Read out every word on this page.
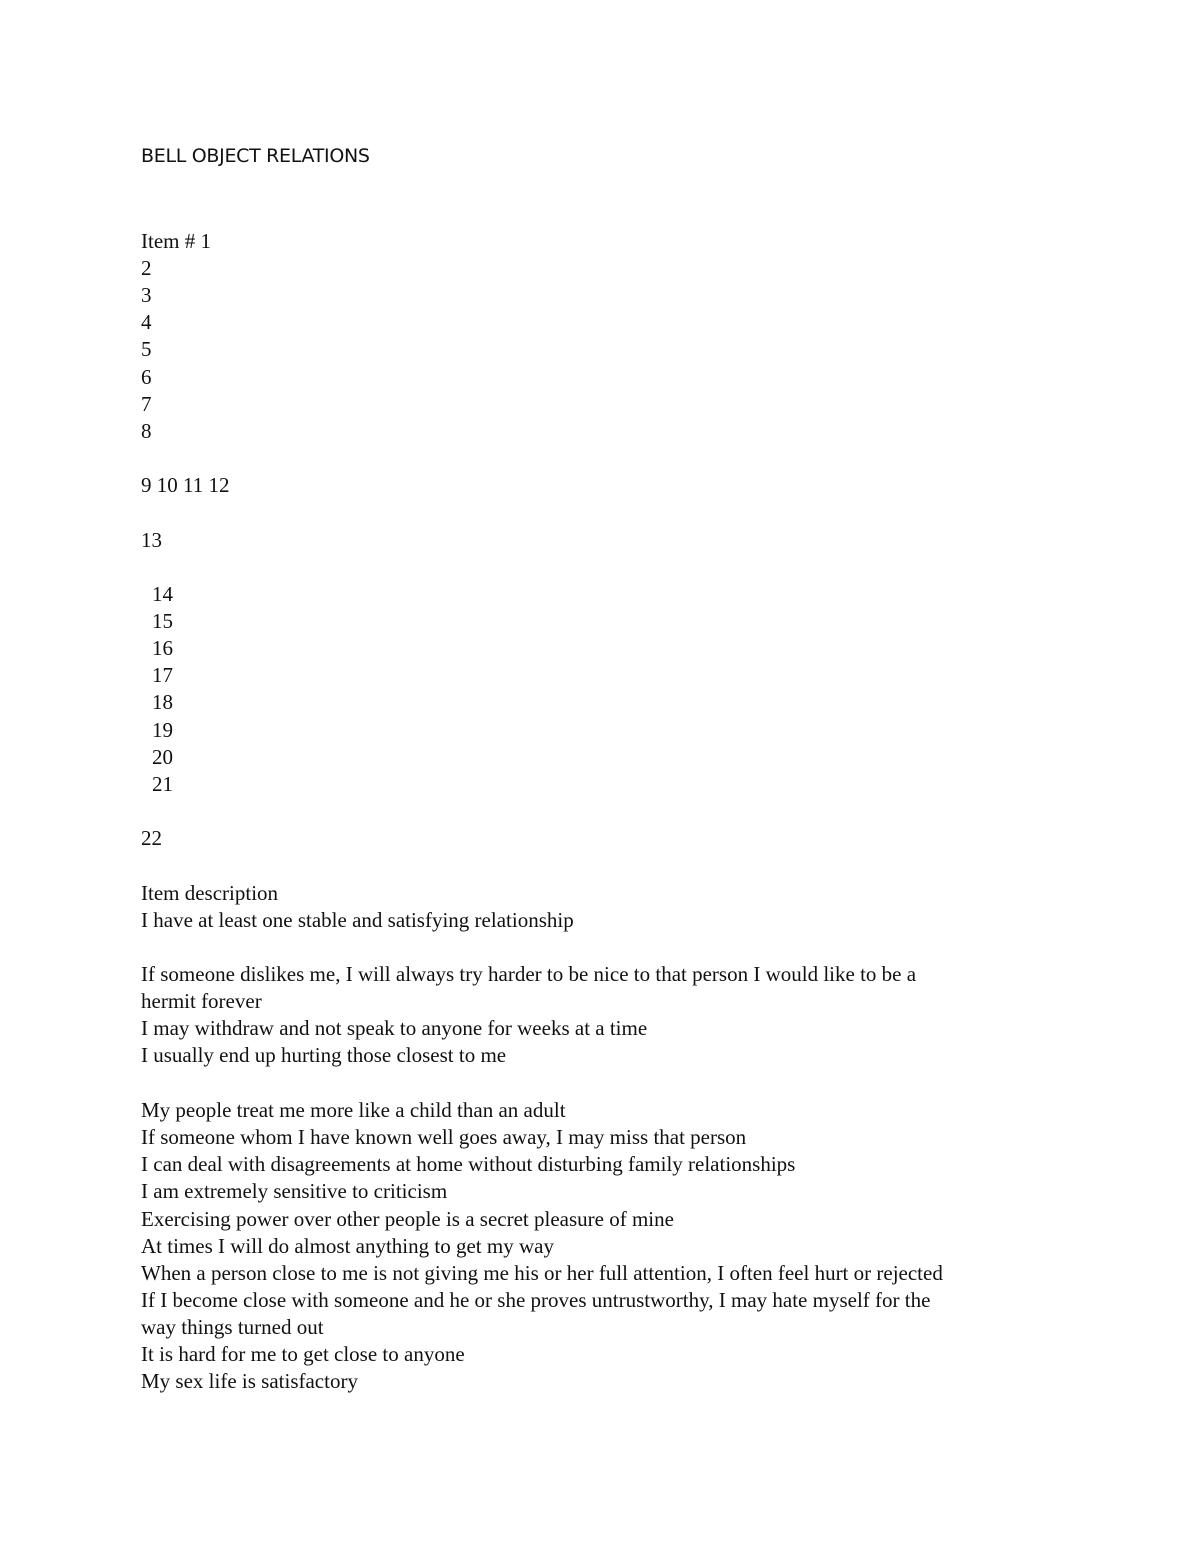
BELL OBJECT RELATIONS
Item # 1
2
3
4
5
6
7
8
9 10 11 12
13
14
15
16
17
18
19
20
21
22
Item description
I have at least one stable and satisfying relationship
If someone dislikes me, I will always try harder to be nice to that person I would like to be a
hermit forever
I may withdraw and not speak to anyone for weeks at a time
I usually end up hurting those closest to me
My people treat me more like a child than an adult
If someone whom I have known well goes away, I may miss that person
I can deal with disagreements at home without disturbing family relationships
I am extremely sensitive to criticism
Exercising power over other people is a secret pleasure of mine
At times I will do almost anything to get my way
When a person close to me is not giving me his or her full attention, I often feel hurt or rejected
If I become close with someone and he or she proves untrustworthy, I may hate myself for the
way things turned out
It is hard for me to get close to anyone
My sex life is satisfactory
